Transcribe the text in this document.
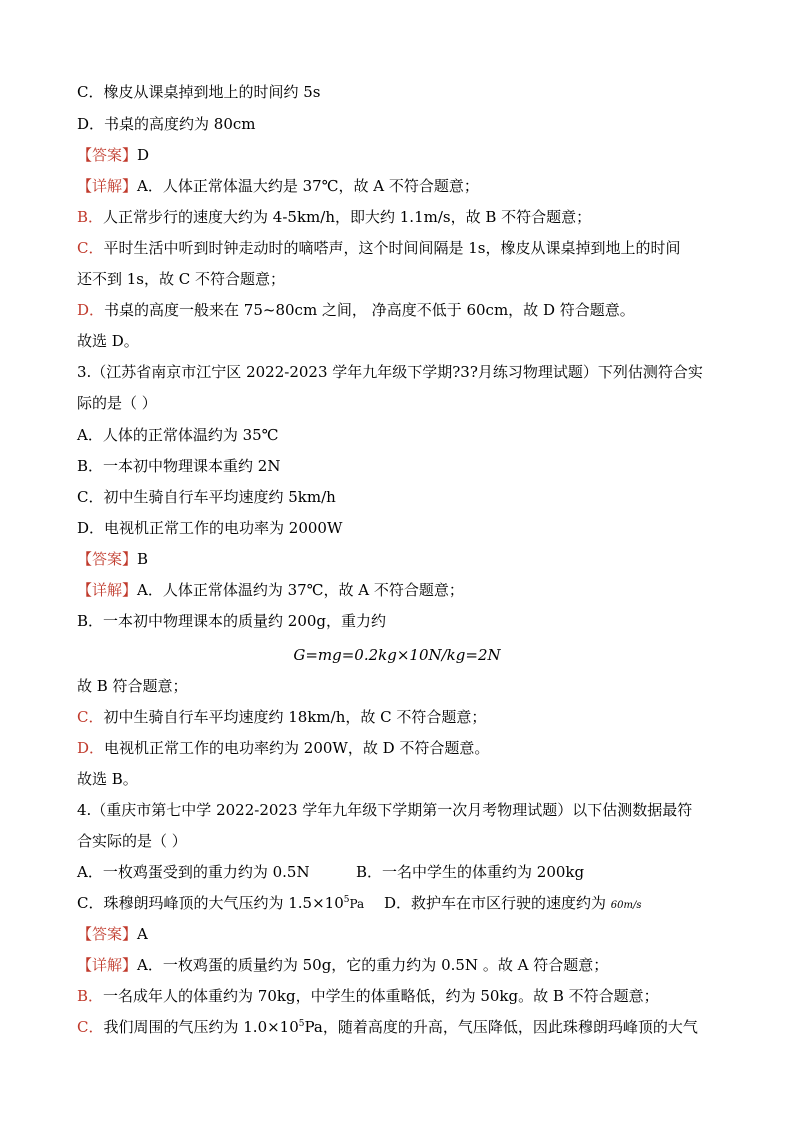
C．橡皮从课桌掉到地上的时间约 5s
D．书桌的高度约为 80cm
【答案】D
【详解】A．人体正常体温大约是 37℃，故 A 不符合题意；
B．人正常步行的速度大约为 4-5km/h，即大约 1.1m/s，故 B 不符合题意；
C．平时生活中听到时钟走动时的嘀嗒声，这个时间间隔是 1s，橡皮从课桌掉到地上的时间
还不到 1s，故 C 不符合题意；
D．书桌的高度一般来在 75~80cm 之间， 净高度不低于 60cm，故 D 符合题意。
故选 D。
3.（江苏省南京市江宁区 2022-2023 学年九年级下学期?3?月练习物理试题）下列估测符合实
际的是（ ）
A．人体的正常体温约为 35℃
B．一本初中物理课本重约 2N
C．初中生骑自行车平均速度约 5km/h
D．电视机正常工作的电功率为 2000W
【答案】B
【详解】A．人体正常体温约为 37℃，故 A 不符合题意；
B．一本初中物理课本的质量约 200g，重力约
G=mg=0.2kg×10N/kg=2N
故 B 符合题意；
C．初中生骑自行车平均速度约 18km/h，故 C 不符合题意；
D．电视机正常工作的电功率约为 200W，故 D 不符合题意。
故选 B。
4.（重庆市第七中学 2022-2023 学年九年级下学期第一次月考物理试题）以下估测数据最符
合实际的是（ ）
A．一枚鸡蛋受到的重力约为 0.5N	B．一名中学生的体重约为 200kg
C．珠穆朗玛峰顶的大气压约为 $1.5\times 10^5Pa$ D．救护车在市区行驶的速度约为 60m/s
【答案】A
【详解】A．一枚鸡蛋的质量约为 50g，它的重力约为 0.5N 。故 A 符合题意；
B．一名成年人的体重约为 70kg，中学生的体重略低，约为 50kg。故 B 不符合题意；
C．我们周围的气压约为 $1.0\times 10^5Pa$，随着高度的升高，气压降低，因此珠穆朗玛峰顶的大气
